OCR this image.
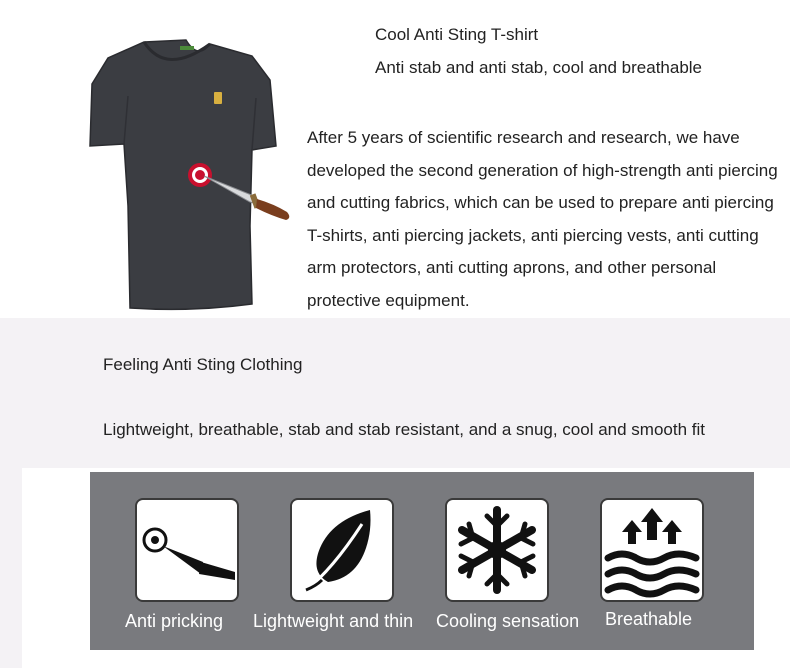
Cool Anti Sting T-shirt
Anti stab and anti stab, cool and breathable
After 5 years of scientific research and research, we have developed the second generation of high-strength anti piercing and cutting fabrics, which can be used to prepare anti piercing T-shirts, anti piercing jackets, anti piercing vests, anti cutting arm protectors, anti cutting aprons, and other personal protective equipment.
Feeling Anti Sting Clothing
Lightweight, breathable, stab and stab resistant, and a snug, cool and smooth fit
Anti pricking Lightweight and thin Cooling sensation Breathable
